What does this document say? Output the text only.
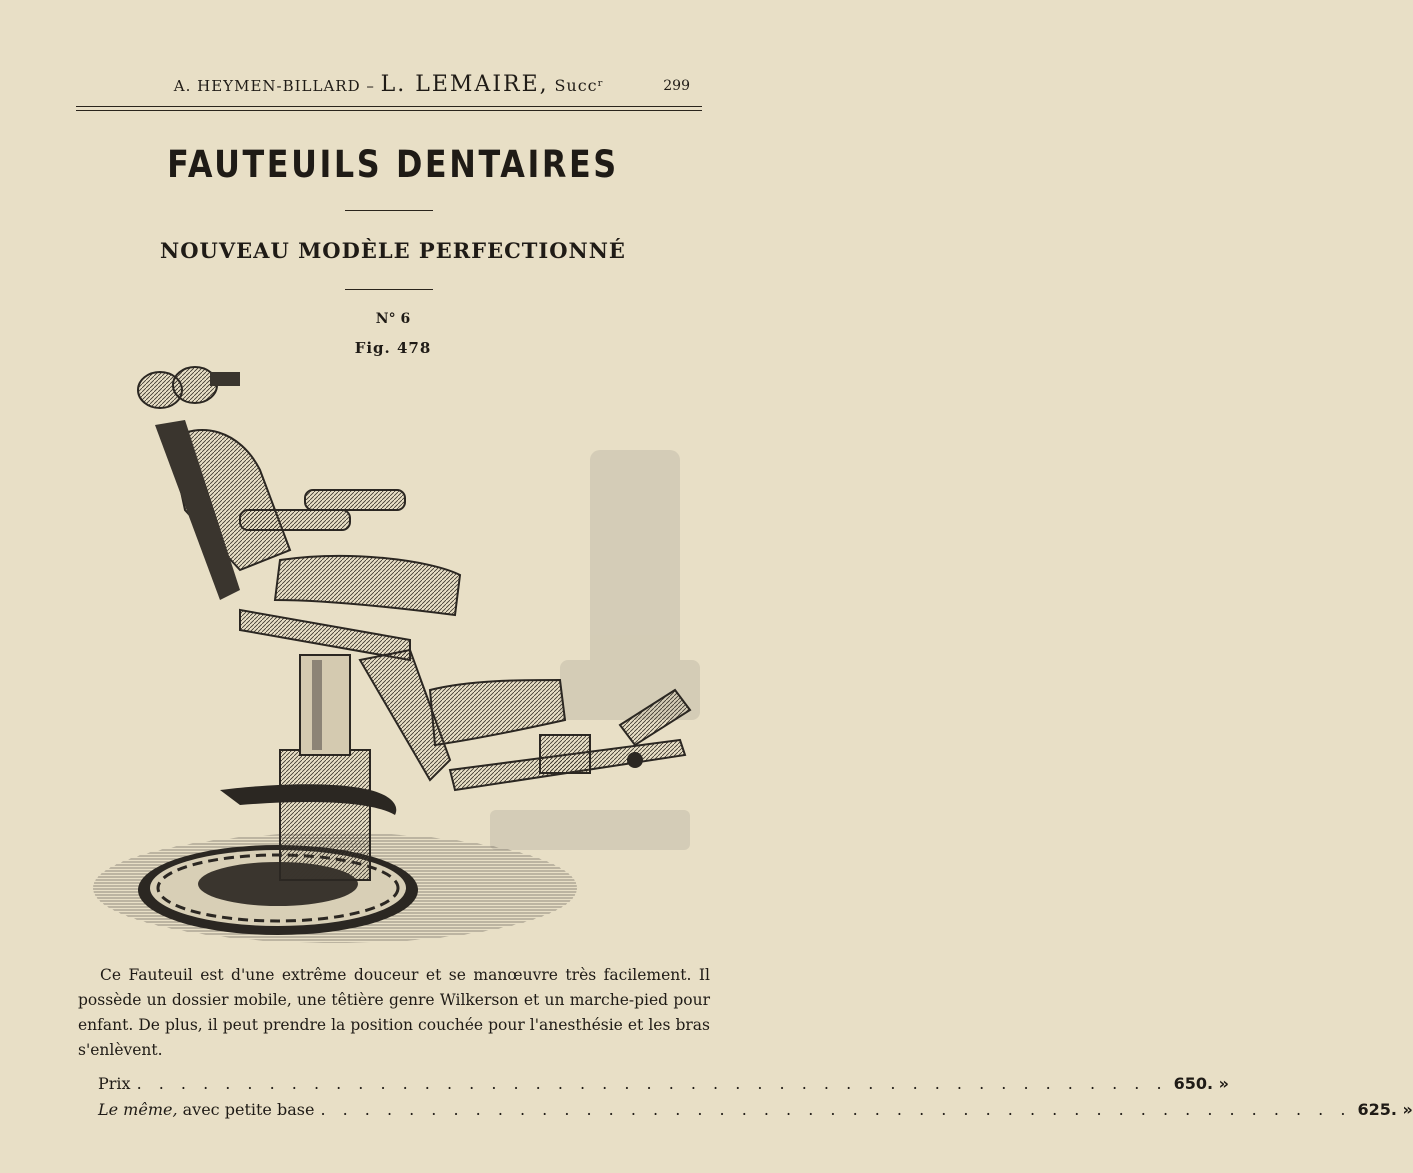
A. HEYMEN-BILLARD – L. LEMAIRE, Succʳ	299
FAUTEUILS DENTAIRES
NOUVEAU MODÈLE PERFECTIONNÉ
N° 6
Fig. 478

Ce Fauteuil est d'une extrême douceur et se manœuvre très facilement. Il possède un dossier mobile, une têtière genre Wilkerson et un marche-pied pour enfant. De plus, il peut prendre la position couchée pour l'anesthésie et les bras s'enlèvent.

Prix . . . . . . . . . . . . . . . . . . . . . . . . . . . . . . . . . . . . . . . . . . . . . . . 650. »
Le même, avec petite base . . . . . . . . . . . . . . . . . . . . . . . . . . . . . . . . . . . . . . . . . . . . . . . 625. »
